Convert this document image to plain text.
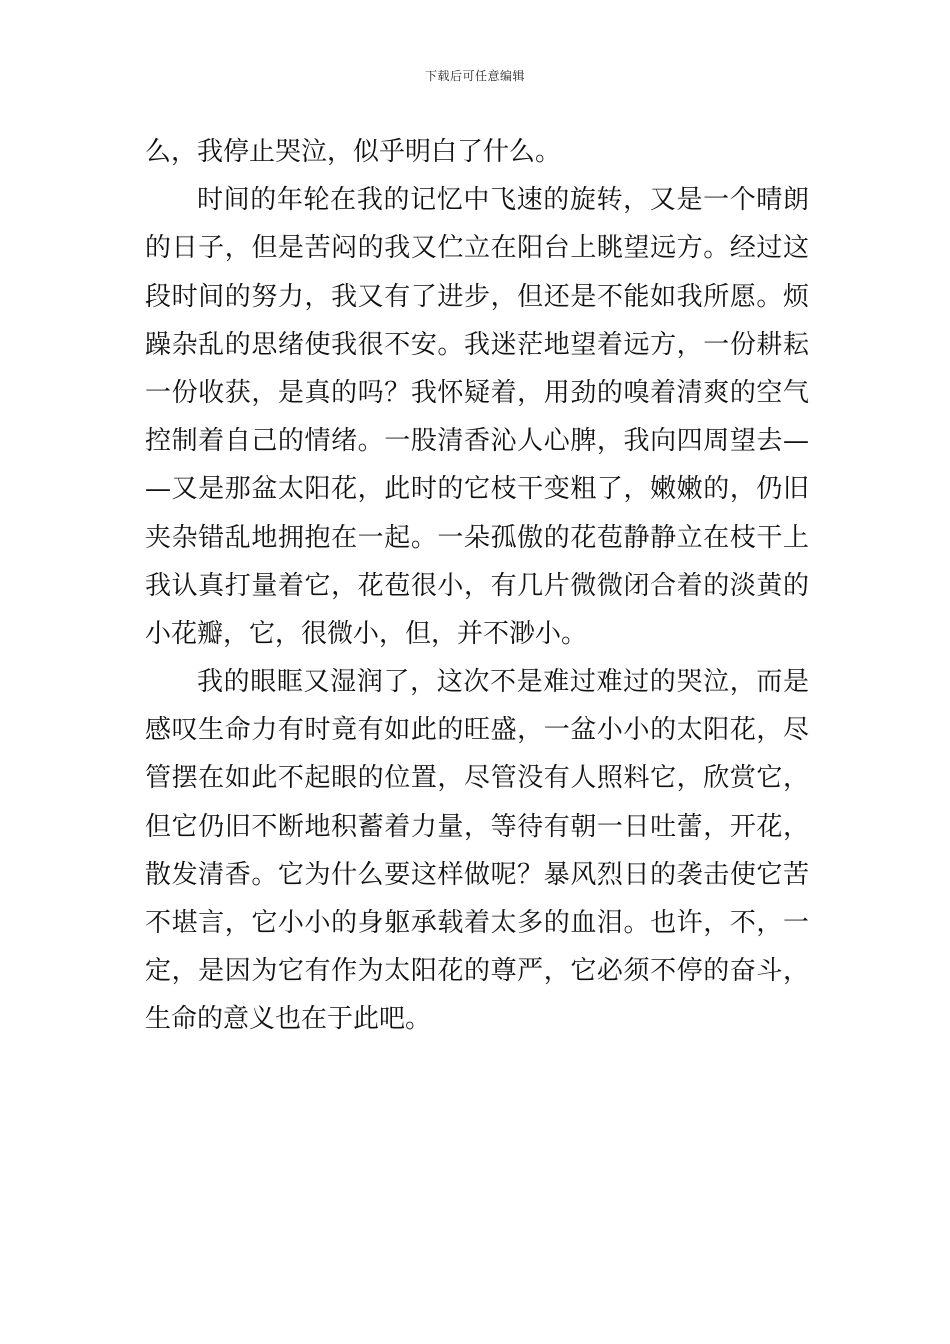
下载后可任意编辑
么，我停止哭泣，似乎明白了什么。
时间的年轮在我的记忆中飞速的旋转，又是一个晴朗
的日子，但是苦闷的我又伫立在阳台上眺望远方。经过这
段时间的努力，我又有了进步，但还是不能如我所愿。烦
躁杂乱的思绪使我很不安。我迷茫地望着远方，一份耕耘
一份收获，是真的吗？我怀疑着，用劲的嗅着清爽的空气
控制着自己的情绪。一股清香沁人心脾，我向四周望去—
—又是那盆太阳花，此时的它枝干变粗了，嫩嫩的，仍旧
夹杂错乱地拥抱在一起。一朵孤傲的花苞静静立在枝干上
我认真打量着它，花苞很小，有几片微微闭合着的淡黄的
小花瓣，它，很微小，但，并不渺小。
我的眼眶又湿润了，这次不是难过难过的哭泣，而是
感叹生命力有时竟有如此的旺盛，一盆小小的太阳花，尽
管摆在如此不起眼的位置，尽管没有人照料它，欣赏它，
但它仍旧不断地积蓄着力量，等待有朝一日吐蕾，开花，
散发清香。它为什么要这样做呢？暴风烈日的袭击使它苦
不堪言，它小小的身躯承载着太多的血泪。也许，不，一
定，是因为它有作为太阳花的尊严，它必须不停的奋斗，
生命的意义也在于此吧。
